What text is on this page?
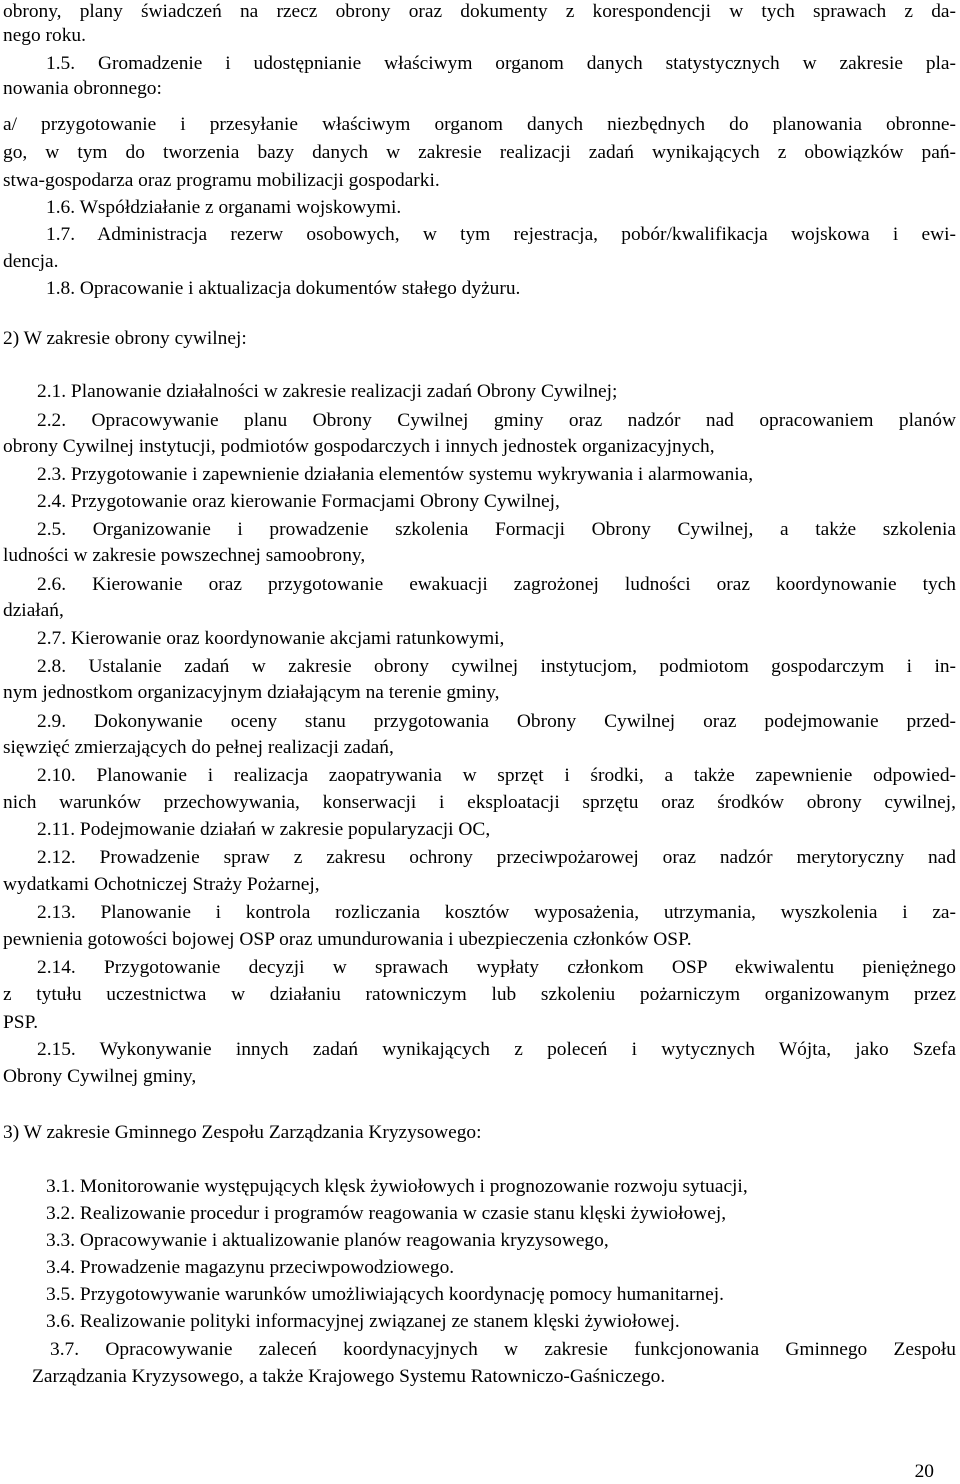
obrony, plany świadczeń na rzecz obrony oraz dokumenty z korespondencji w tych sprawach z da-
nego roku.
1.5. Gromadzenie i udostępnianie właściwym organom danych statystycznych w zakresie pla-
nowania obronnego:
a/ przygotowanie i przesyłanie właściwym organom danych niezbędnych do planowania obronne-
go, w tym do tworzenia bazy danych w zakresie realizacji zadań wynikających z obowiązków pań-
stwa-gospodarza oraz programu mobilizacji gospodarki.
1.6. Współdziałanie z organami wojskowymi.
1.7. Administracja rezerw osobowych, w tym rejestracja, pobór/kwalifikacja wojskowa i ewi-
dencja.
1.8. Opracowanie i aktualizacja dokumentów stałego dyżuru.
2) W zakresie obrony cywilnej:
2.1. Planowanie działalności w zakresie realizacji zadań Obrony Cywilnej;
2.2. Opracowywanie planu Obrony Cywilnej gminy oraz nadzór nad opracowaniem planów
obrony Cywilnej instytucji, podmiotów gospodarczych i innych jednostek organizacyjnych,
2.3. Przygotowanie i zapewnienie działania elementów systemu wykrywania i alarmowania,
2.4. Przygotowanie oraz kierowanie Formacjami Obrony Cywilnej,
2.5. Organizowanie i prowadzenie szkolenia Formacji Obrony Cywilnej, a także szkolenia
ludności w zakresie powszechnej samoobrony,
2.6. Kierowanie oraz przygotowanie ewakuacji zagrożonej ludności oraz koordynowanie tych
działań,
2.7. Kierowanie oraz koordynowanie akcjami ratunkowymi,
2.8. Ustalanie zadań w zakresie obrony cywilnej instytucjom, podmiotom gospodarczym i in-
nym jednostkom organizacyjnym działającym na terenie gminy,
2.9. Dokonywanie oceny stanu przygotowania Obrony Cywilnej oraz podejmowanie przed-
sięwzięć zmierzających do pełnej realizacji zadań,
2.10. Planowanie i realizacja zaopatrywania w sprzęt i środki, a także zapewnienie odpowied-
nich warunków przechowywania, konserwacji i eksploatacji sprzętu oraz środków obrony cywilnej,
2.11. Podejmowanie działań w zakresie popularyzacji OC,
2.12. Prowadzenie spraw z zakresu ochrony przeciwpożarowej oraz nadzór merytoryczny nad
wydatkami Ochotniczej Straży Pożarnej,
2.13. Planowanie i kontrola rozliczania kosztów wyposażenia, utrzymania, wyszkolenia i za-
pewnienia gotowości bojowej OSP oraz umundurowania i ubezpieczenia członków OSP.
2.14. Przygotowanie decyzji w sprawach wypłaty członkom OSP ekwiwalentu pieniężnego
z tytułu uczestnictwa w działaniu ratowniczym lub szkoleniu pożarniczym organizowanym przez
PSP.
2.15. Wykonywanie innych zadań wynikających z poleceń i wytycznych Wójta, jako Szefa
Obrony Cywilnej gminy,
3) W zakresie Gminnego Zespołu Zarządzania Kryzysowego:
3.1. Monitorowanie występujących klęsk żywiołowych i prognozowanie rozwoju sytuacji,
3.2. Realizowanie procedur i programów reagowania w czasie stanu klęski żywiołowej,
3.3. Opracowywanie i aktualizowanie planów reagowania kryzysowego,
3.4. Prowadzenie magazynu przeciwpowodziowego.
3.5. Przygotowywanie warunków umożliwiających koordynację pomocy humanitarnej.
3.6. Realizowanie polityki informacyjnej związanej ze stanem klęski żywiołowej.
3.7. Opracowywanie zaleceń koordynacyjnych w zakresie funkcjonowania Gminnego Zespołu
Zarządzania Kryzysowego, a także Krajowego Systemu Ratowniczo-Gaśniczego.
20
